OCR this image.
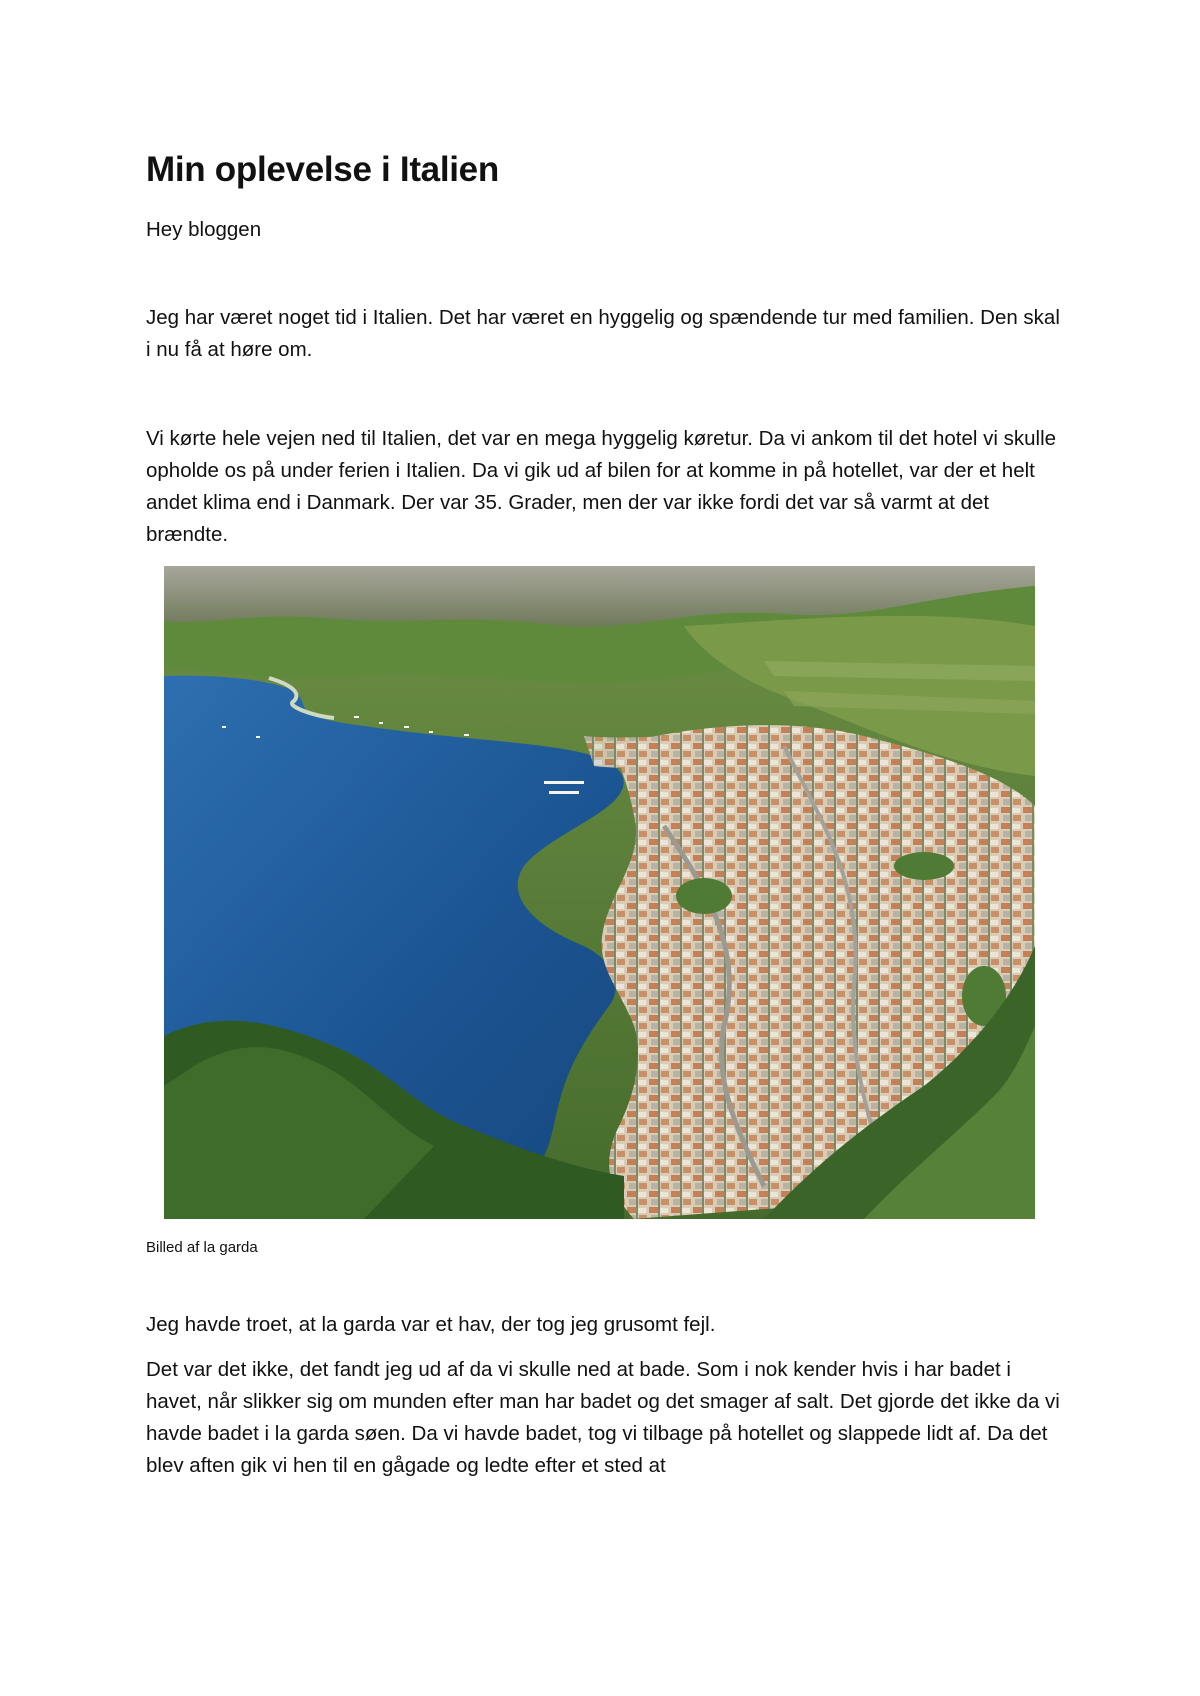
Min oplevelse i Italien

Hey bloggen

Jeg har været noget tid i Italien. Det har været en hyggelig og spændende tur med familien. Den skal i nu få at høre om.

Vi kørte hele vejen ned til Italien, det var en mega hyggelig køretur. Da vi ankom til det hotel vi skulle opholde os på under ferien i Italien. Da vi gik ud af bilen for at komme in på hotellet, var der et helt andet klima end i Danmark. Der var 35. Grader, men der var ikke fordi det var så varmt at det brændte.

Billed af la garda

Jeg havde troet, at la garda var et hav, der tog jeg grusomt fejl.

Det var det ikke, det fandt jeg ud af da vi skulle ned at bade. Som i nok kender hvis i har badet i havet, når slikker sig om munden efter man har badet og det smager af salt. Det gjorde det ikke da vi havde badet i la garda søen. Da vi havde badet, tog vi tilbage på hotellet og slappede lidt af. Da det blev aften gik vi hen til en gågade og ledte efter et sted at
